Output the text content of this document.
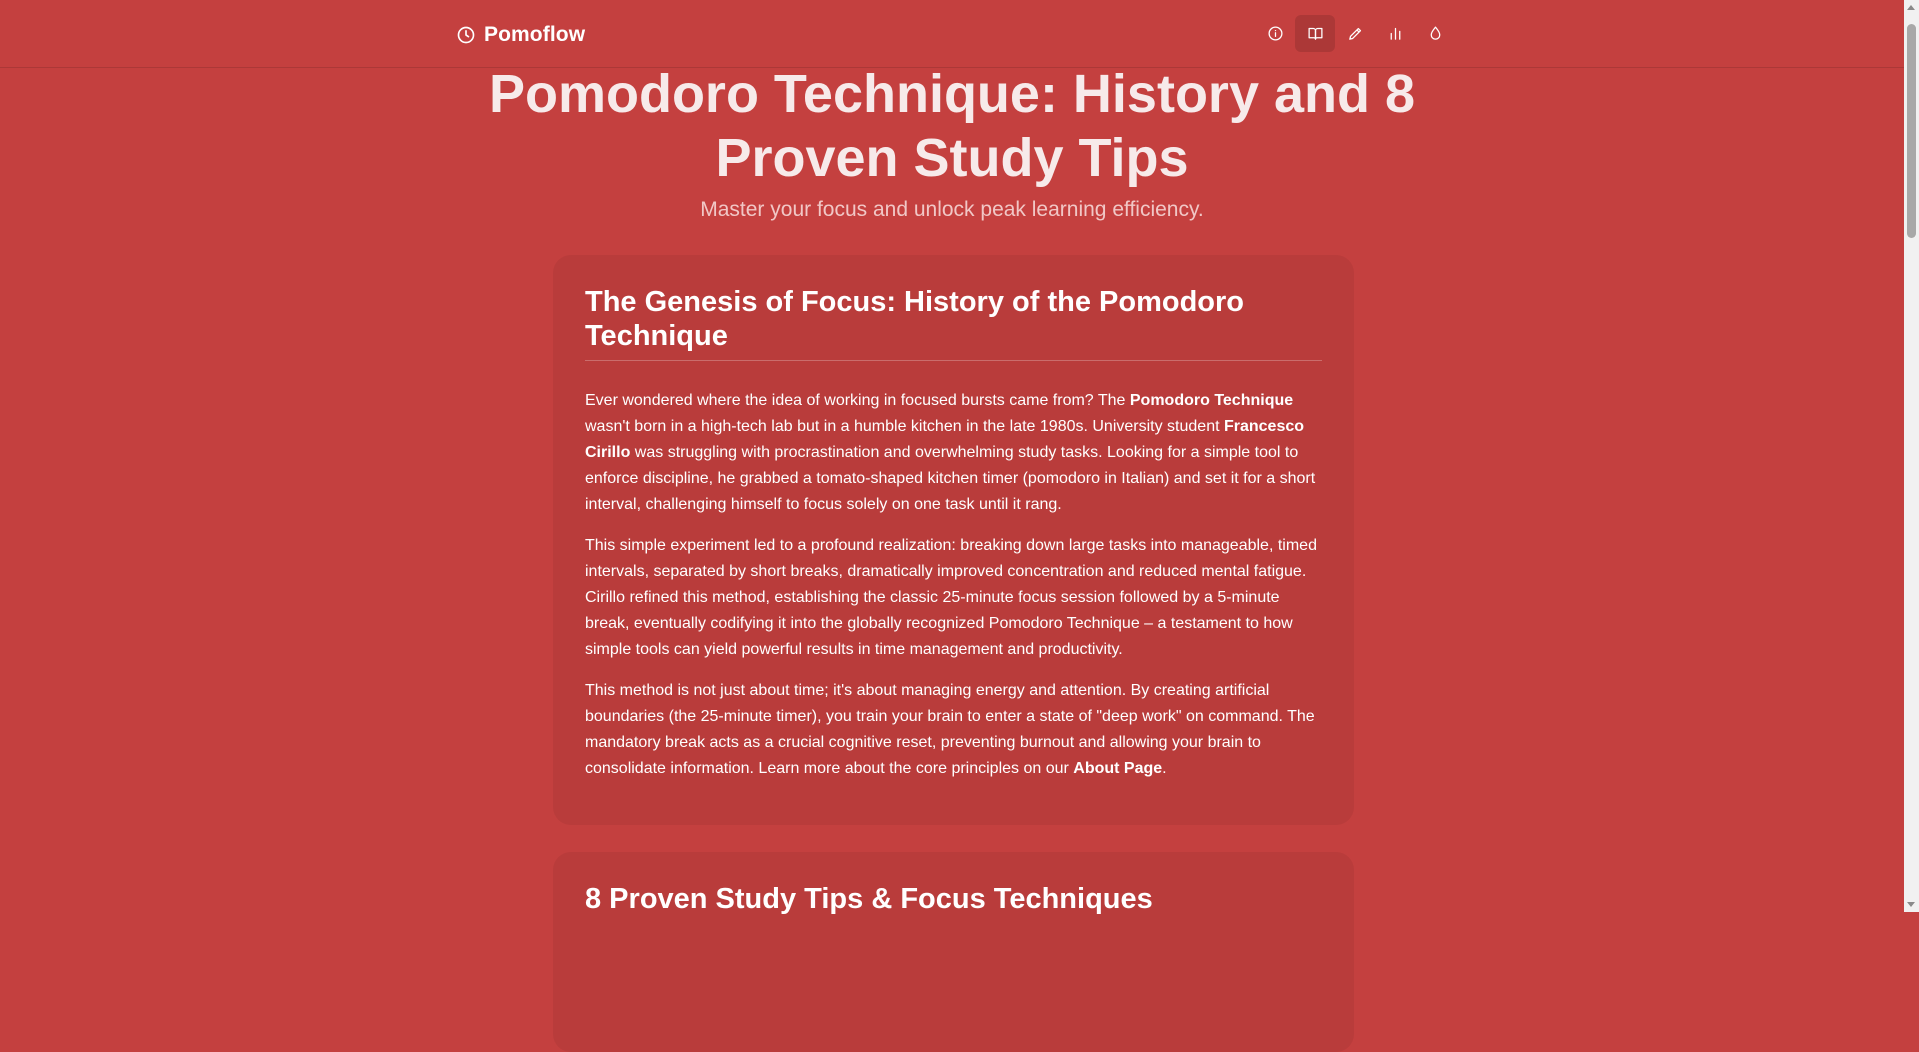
Pomoflow
Pomodoro Technique: History and 8 Proven Study Tips

Master your focus and unlock peak learning efficiency.

The Genesis of Focus: History of the Pomodoro Technique

Ever wondered where the idea of working in focused bursts came from? The Pomodoro Technique wasn't born in a high-tech lab but in a humble kitchen in the late 1980s. University student Francesco Cirillo was struggling with procrastination and overwhelming study tasks. Looking for a simple tool to enforce discipline, he grabbed a tomato-shaped kitchen timer (pomodoro in Italian) and set it for a short interval, challenging himself to focus solely on one task until it rang.

This simple experiment led to a profound realization: breaking down large tasks into manageable, timed intervals, separated by short breaks, dramatically improved concentration and reduced mental fatigue. Cirillo refined this method, establishing the classic 25-minute focus session followed by a 5-minute break, eventually codifying it into the globally recognized Pomodoro Technique – a testament to how simple tools can yield powerful results in time management and productivity.

This method is not just about time; it's about managing energy and attention. By creating artificial boundaries (the 25-minute timer), you train your brain to enter a state of "deep work" on command. The mandatory break acts as a crucial cognitive reset, preventing burnout and allowing your brain to consolidate information. Learn more about the core principles on our About Page.

8 Proven Study Tips & Focus Techniques
